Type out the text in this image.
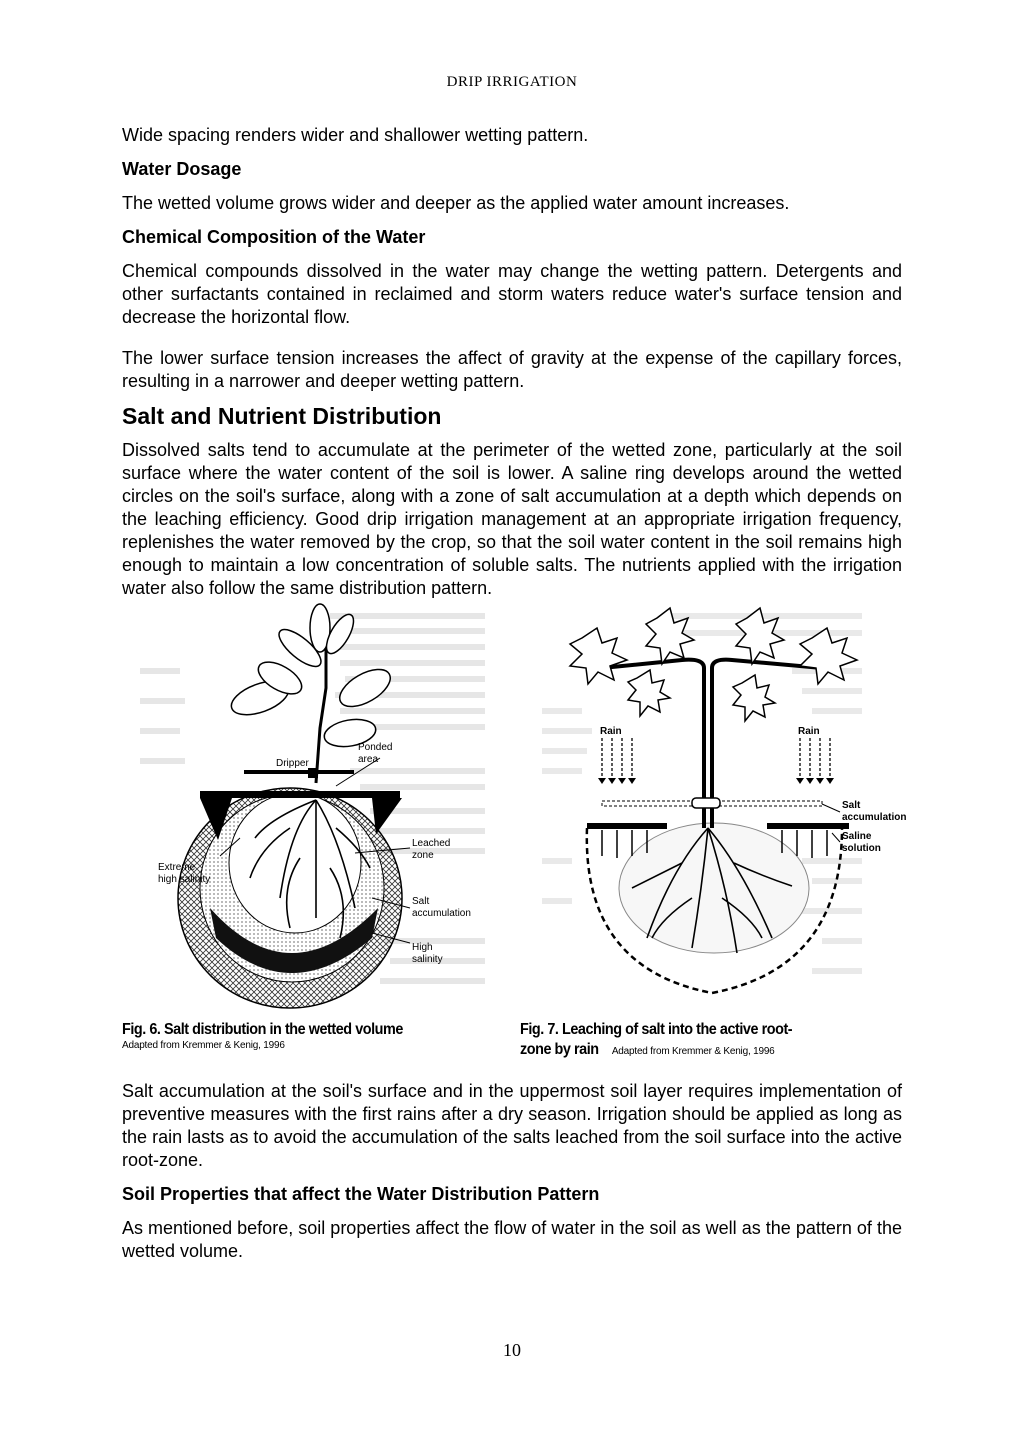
DRIP IRRIGATION

Wide spacing renders wider and shallower wetting pattern.

Water Dosage

The wetted volume grows wider and deeper as the applied water amount increases.

Chemical Composition of the Water

Chemical compounds dissolved in the water may change the wetting pattern. Detergents and other surfactants contained in reclaimed and storm waters reduce water's surface tension and decrease the horizontal flow.

The lower surface tension increases the affect of gravity at the expense of the capillary forces, resulting in a narrower and deeper wetting pattern.

Salt and Nutrient Distribution

Dissolved salts tend to accumulate at the perimeter of the wetted zone, particularly at the soil surface where the water content of the soil is lower. A saline ring develops around the wetted circles on the soil's surface, along with a zone of salt accumulation at a depth which depends on the leaching efficiency. Good drip irrigation management at an appropriate irrigation frequency, replenishes the water removed by the crop, so that the soil water content in the soil remains high enough to maintain a low concentration of soluble salts. The nutrients applied with the irrigation water also follow the same distribution pattern.

Dripper
Ponded
area
Leached
zone
Extreme
high salinity
Salt
accumulation
High
salinity
Rain	Rain
Salt
accumulation
Saline
solution
Fig. 6. Salt distribution in the wetted volume
Adapted from Kremmer & Kenig, 1996
Fig. 7. Leaching of salt into the active root-
zone by rain Adapted from Kremmer & Kenig, 1996

Salt accumulation at the soil's surface and in the uppermost soil layer requires implementation of preventive measures with the first rains after a dry season. Irrigation should be applied as long as the rain lasts as to avoid the accumulation of the salts leached from the soil surface into the active root-zone.

Soil Properties that affect the Water Distribution Pattern

As mentioned before, soil properties affect the flow of water in the soil as well as the pattern of the wetted volume.

10
